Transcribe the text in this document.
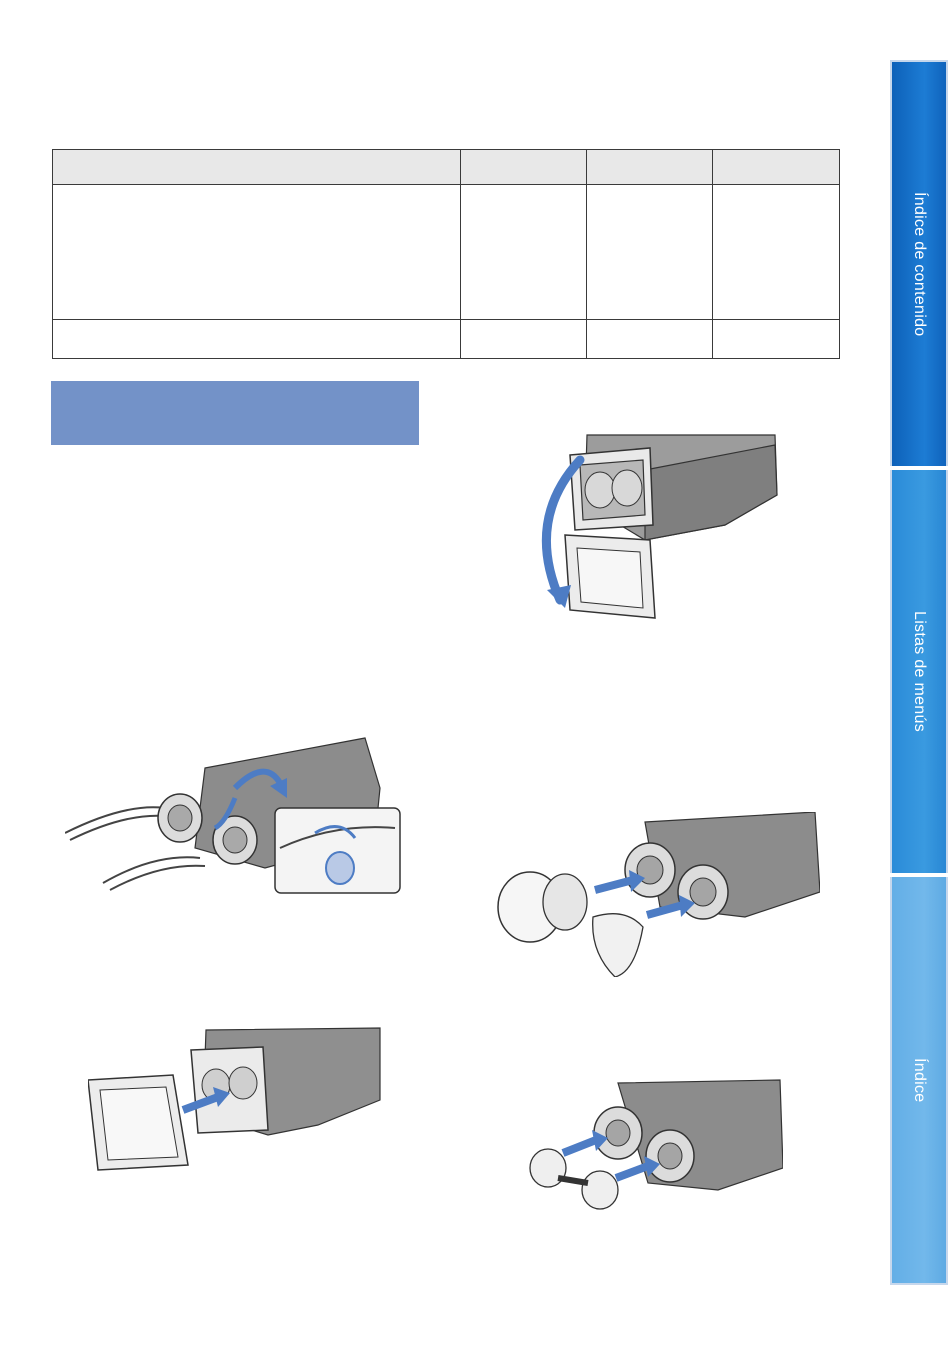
Índice de contenido
Listas de menús
Índice
